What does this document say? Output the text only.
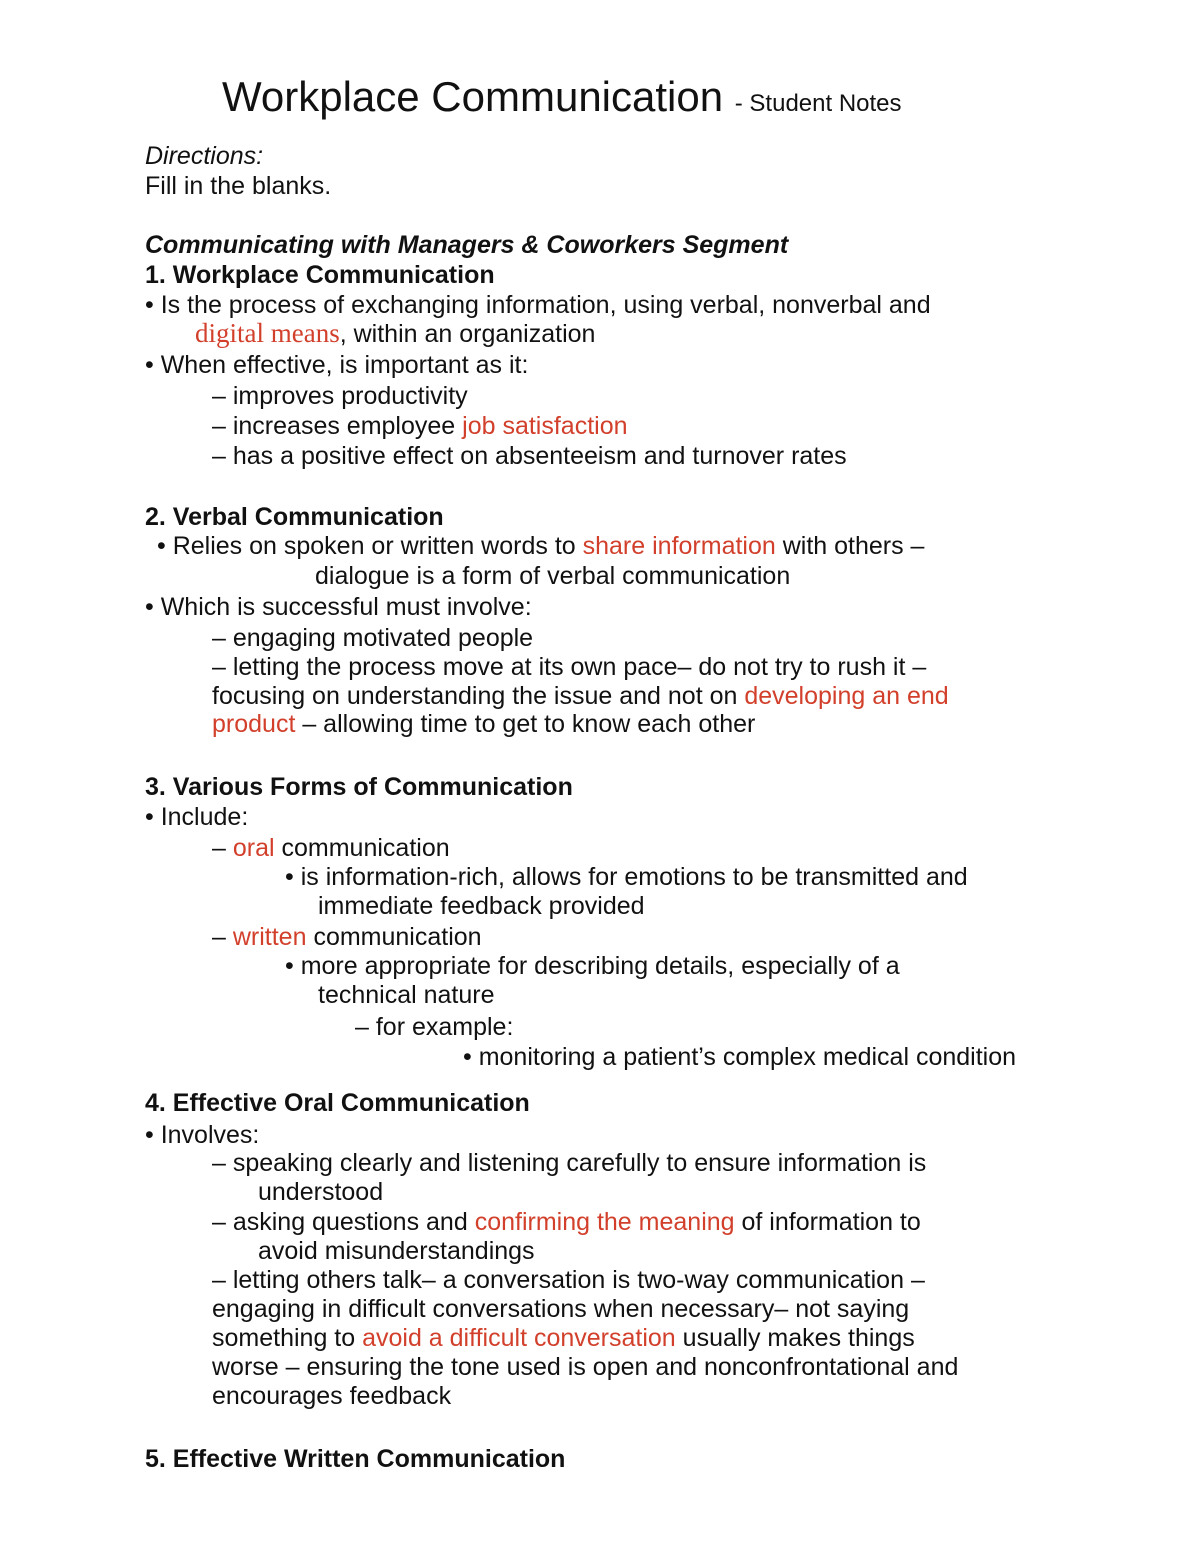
Workplace Communication - Student Notes
Directions:
Fill in the blanks.
Communicating with Managers & Coworkers Segment
1. Workplace Communication
• Is the process of exchanging information, using verbal, nonverbal and
digital means, within an organization
• When effective, is important as it:
– improves productivity
– increases employee job satisfaction
– has a positive effect on absenteeism and turnover rates
2. Verbal Communication
• Relies on spoken or written words to share information with others –
dialogue is a form of verbal communication
• Which is successful must involve:
– engaging motivated people
– letting the process move at its own pace– do not try to rush it –
focusing on understanding the issue and not on developing an end
product – allowing time to get to know each other
3. Various Forms of Communication
• Include:
– oral communication
• is information-rich, allows for emotions to be transmitted and
immediate feedback provided
– written communication
• more appropriate for describing details, especially of a
technical nature
– for example:
• monitoring a patient’s complex medical condition
4. Effective Oral Communication
• Involves:
– speaking clearly and listening carefully to ensure information is
understood
– asking questions and confirming the meaning of information to
avoid misunderstandings
– letting others talk– a conversation is two-way communication –
engaging in difficult conversations when necessary– not saying
something to avoid a difficult conversation usually makes things
worse – ensuring the tone used is open and nonconfrontational and
encourages feedback
5. Effective Written Communication
